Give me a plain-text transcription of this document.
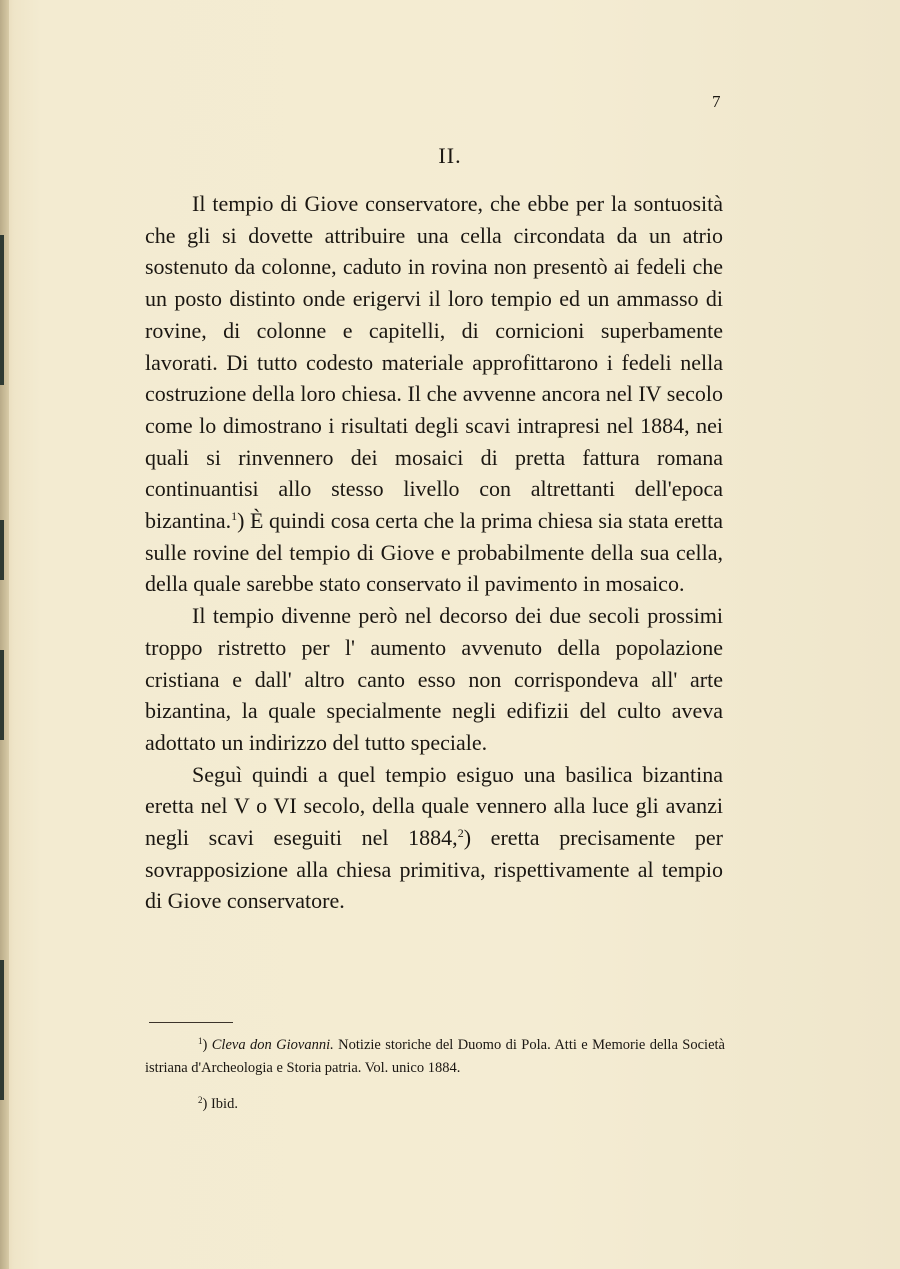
7
II.

Il tempio di Giove conservatore, che ebbe per la sontuosità che gli si dovette attribuire una cella circondata da un atrio sostenuto da colonne, caduto in rovina non presentò ai fedeli che un posto distinto onde erigervi il loro tempio ed un ammasso di rovine, di colonne e capitelli, di cornicioni superbamente lavorati. Di tutto codesto materiale approfittarono i fedeli nella costruzione della loro chiesa. Il che avvenne ancora nel IV secolo come lo dimostrano i risultati degli scavi intrapresi nel 1884, nei quali si rinvennero dei mosaici di pretta fattura romana continuantisi allo stesso livello con altrettanti dell'epoca bizantina.$^1$) È quindi cosa certa che la prima chiesa sia stata eretta sulle rovine del tempio di Giove e probabilmente della sua cella, della quale sarebbe stato conservato il pavimento in mosaico.

Il tempio divenne però nel decorso dei due secoli prossimi troppo ristretto per l' aumento avvenuto della popolazione cristiana e dall' altro canto esso non corrispondeva all' arte bizantina, la quale specialmente negli edifizii del culto aveva adottato un indirizzo del tutto speciale.

Seguì quindi a quel tempio esiguo una basilica bizantina eretta nel V o VI secolo, della quale vennero alla luce gli avanzi negli scavi eseguiti nel 1884,$^2$) eretta precisamente per sovrapposizione alla chiesa primitiva, rispettivamente al tempio di Giove conservatore.

$^1$) Cleva don Giovanni. Notizie storiche del Duomo di Pola. Atti e Memorie della Società istriana d'Archeologia e Storia patria. Vol. unico 1884.

$^2$) Ibid.
